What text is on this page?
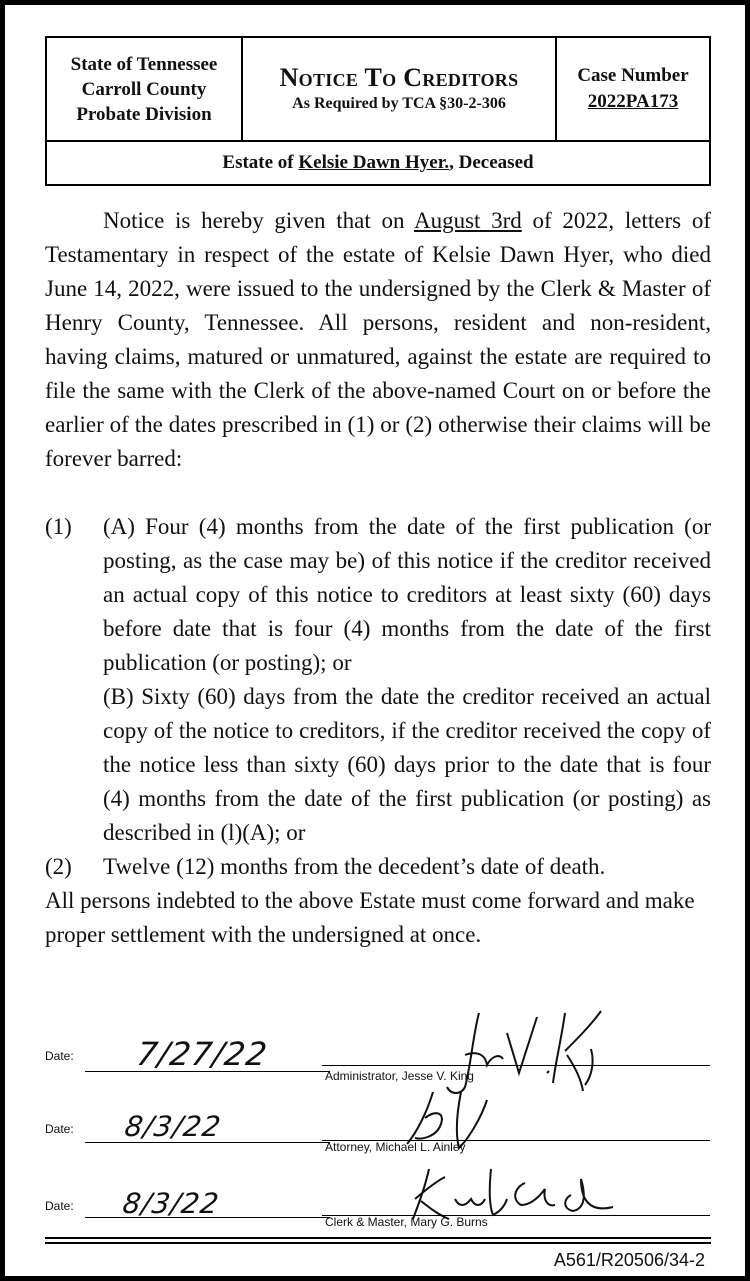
State of Tennessee
Carroll County
Probate Division
Notice To Creditors
As Required by TCA §30-2-306
Case Number
2022PA173
Estate of Kelsie Dawn Hyer. , Deceased

Notice is hereby given that on August 3rd of 2022, letters of Testamentary in respect of the estate of Kelsie Dawn Hyer, who died June 14, 2022, were issued to the undersigned by the Clerk & Master of Henry County, Tennessee. All persons, resident and non-resident, having claims, matured or unmatured, against the estate are required to file the same with the Clerk of the above-named Court on or before the earlier of the dates prescribed in (1) or (2) otherwise their claims will be forever barred:

(1)	(A) Four (4) months from the date of the first publication (or posting, as the case may be) of this notice if the creditor received an actual copy of this notice to creditors at least sixty (60) days before date that is four (4) months from the date of the first publication (or posting); or

(B) Sixty (60) days from the date the creditor received an actual copy of the notice to creditors, if the creditor received the copy of the notice less than sixty (60) days prior to the date that is four (4) months from the date of the first publication (or posting) as described in (l)(A); or

(2)	Twelve (12) months from the decedent’s date of death.

All persons indebted to the above Estate must come forward and make proper settlement with the undersigned at once.

Date: 7/27/22
Administrator, Jesse V. King
Date: 8/3/22
Attorney, Michael L. Ainley
Date: 8/3/22
Clerk & Master, Mary G. Burns
A561/R20506/34-2
